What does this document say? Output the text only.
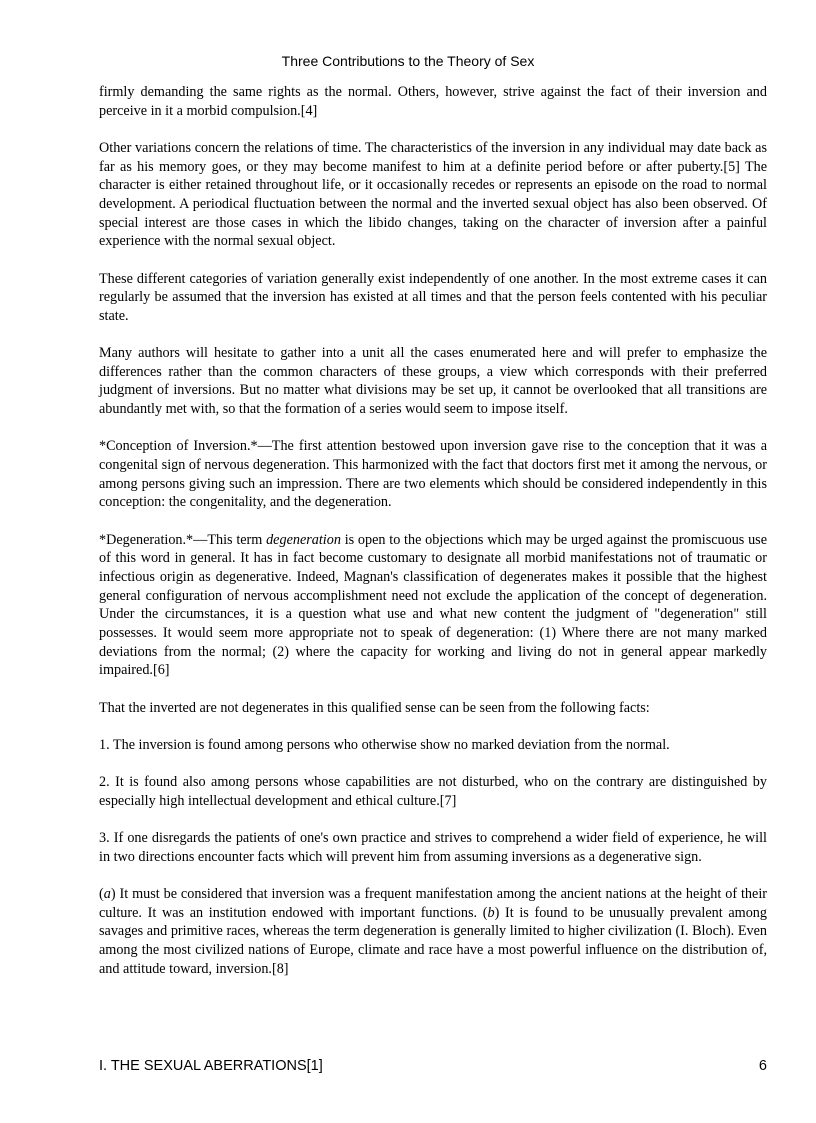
Three Contributions to the Theory of Sex

firmly demanding the same rights as the normal. Others, however, strive against the fact of their inversion and perceive in it a morbid compulsion.[4]

Other variations concern the relations of time. The characteristics of the inversion in any individual may date back as far as his memory goes, or they may become manifest to him at a definite period before or after puberty.[5] The character is either retained throughout life, or it occasionally recedes or represents an episode on the road to normal development. A periodical fluctuation between the normal and the inverted sexual object has also been observed. Of special interest are those cases in which the libido changes, taking on the character of inversion after a painful experience with the normal sexual object.

These different categories of variation generally exist independently of one another. In the most extreme cases it can regularly be assumed that the inversion has existed at all times and that the person feels contented with his peculiar state.

Many authors will hesitate to gather into a unit all the cases enumerated here and will prefer to emphasize the differences rather than the common characters of these groups, a view which corresponds with their preferred judgment of inversions. But no matter what divisions may be set up, it cannot be overlooked that all transitions are abundantly met with, so that the formation of a series would seem to impose itself.

*Conception of Inversion.*––The first attention bestowed upon inversion gave rise to the conception that it was a congenital sign of nervous degeneration. This harmonized with the fact that doctors first met it among the nervous, or among persons giving such an impression. There are two elements which should be considered independently in this conception: the congenitality, and the degeneration.

*Degeneration.*––This term degeneration is open to the objections which may be urged against the promiscuous use of this word in general. It has in fact become customary to designate all morbid manifestations not of traumatic or infectious origin as degenerative. Indeed, Magnan's classification of degenerates makes it possible that the highest general configuration of nervous accomplishment need not exclude the application of the concept of degeneration. Under the circumstances, it is a question what use and what new content the judgment of "degeneration" still possesses. It would seem more appropriate not to speak of degeneration: (1) Where there are not many marked deviations from the normal; (2) where the capacity for working and living do not in general appear markedly impaired.[6]

That the inverted are not degenerates in this qualified sense can be seen from the following facts:

1. The inversion is found among persons who otherwise show no marked deviation from the normal.

2. It is found also among persons whose capabilities are not disturbed, who on the contrary are distinguished by especially high intellectual development and ethical culture.[7]

3. If one disregards the patients of one's own practice and strives to comprehend a wider field of experience, he will in two directions encounter facts which will prevent him from assuming inversions as a degenerative sign.

(a) It must be considered that inversion was a frequent manifestation among the ancient nations at the height of their culture. It was an institution endowed with important functions. (b) It is found to be unusually prevalent among savages and primitive races, whereas the term degeneration is generally limited to higher civilization (I. Bloch). Even among the most civilized nations of Europe, climate and race have a most powerful influence on the distribution of, and attitude toward, inversion.[8]

I. THE SEXUAL ABERRATIONS[1]	6
